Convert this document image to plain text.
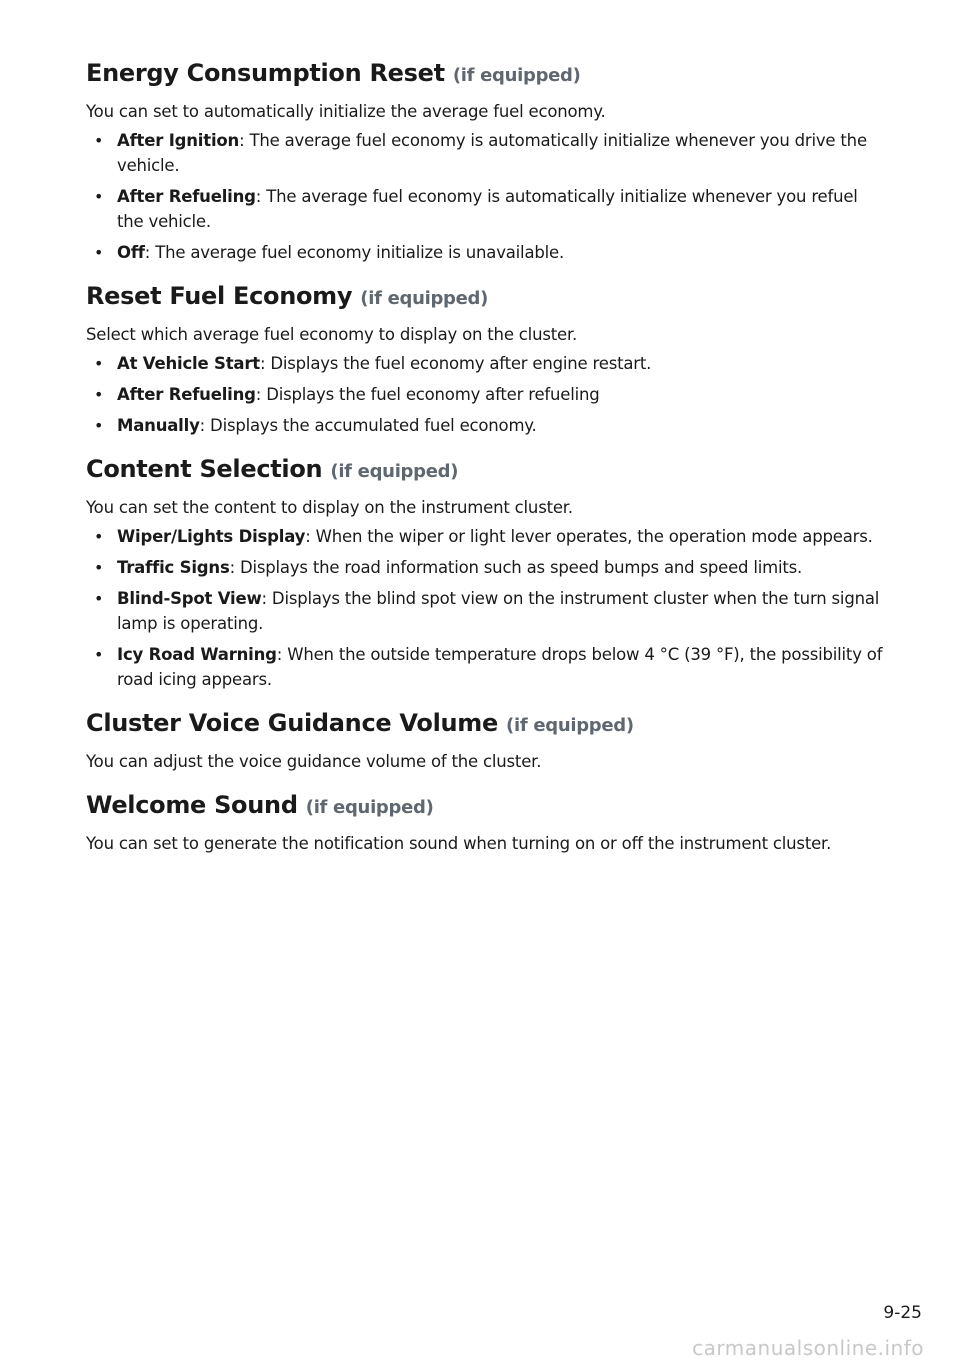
Energy Consumption Reset (if equipped)

You can set to automatically initialize the average fuel economy.

• After Ignition: The average fuel economy is automatically initialize whenever you drive the vehicle.
• After Refueling: The average fuel economy is automatically initialize whenever you refuel the vehicle.
• Off: The average fuel economy initialize is unavailable.
Reset Fuel Economy (if equipped)

Select which average fuel economy to display on the cluster.

• At Vehicle Start: Displays the fuel economy after engine restart.
• After Refueling: Displays the fuel economy after refueling
• Manually: Displays the accumulated fuel economy.
Content Selection (if equipped)

You can set the content to display on the instrument cluster.

• Wiper/Lights Display: When the wiper or light lever operates, the operation mode appears.
• Traffic Signs: Displays the road information such as speed bumps and speed limits.
• Blind-Spot View: Displays the blind spot view on the instrument cluster when the turn signal lamp is operating.
• Icy Road Warning: When the outside temperature drops below 4 °C (39 °F), the possibility of road icing appears.
Cluster Voice Guidance Volume (if equipped)

You can adjust the voice guidance volume of the cluster.

Welcome Sound (if equipped)

You can set to generate the notification sound when turning on or off the instrument cluster.

9-25
carmanualsonline.info
